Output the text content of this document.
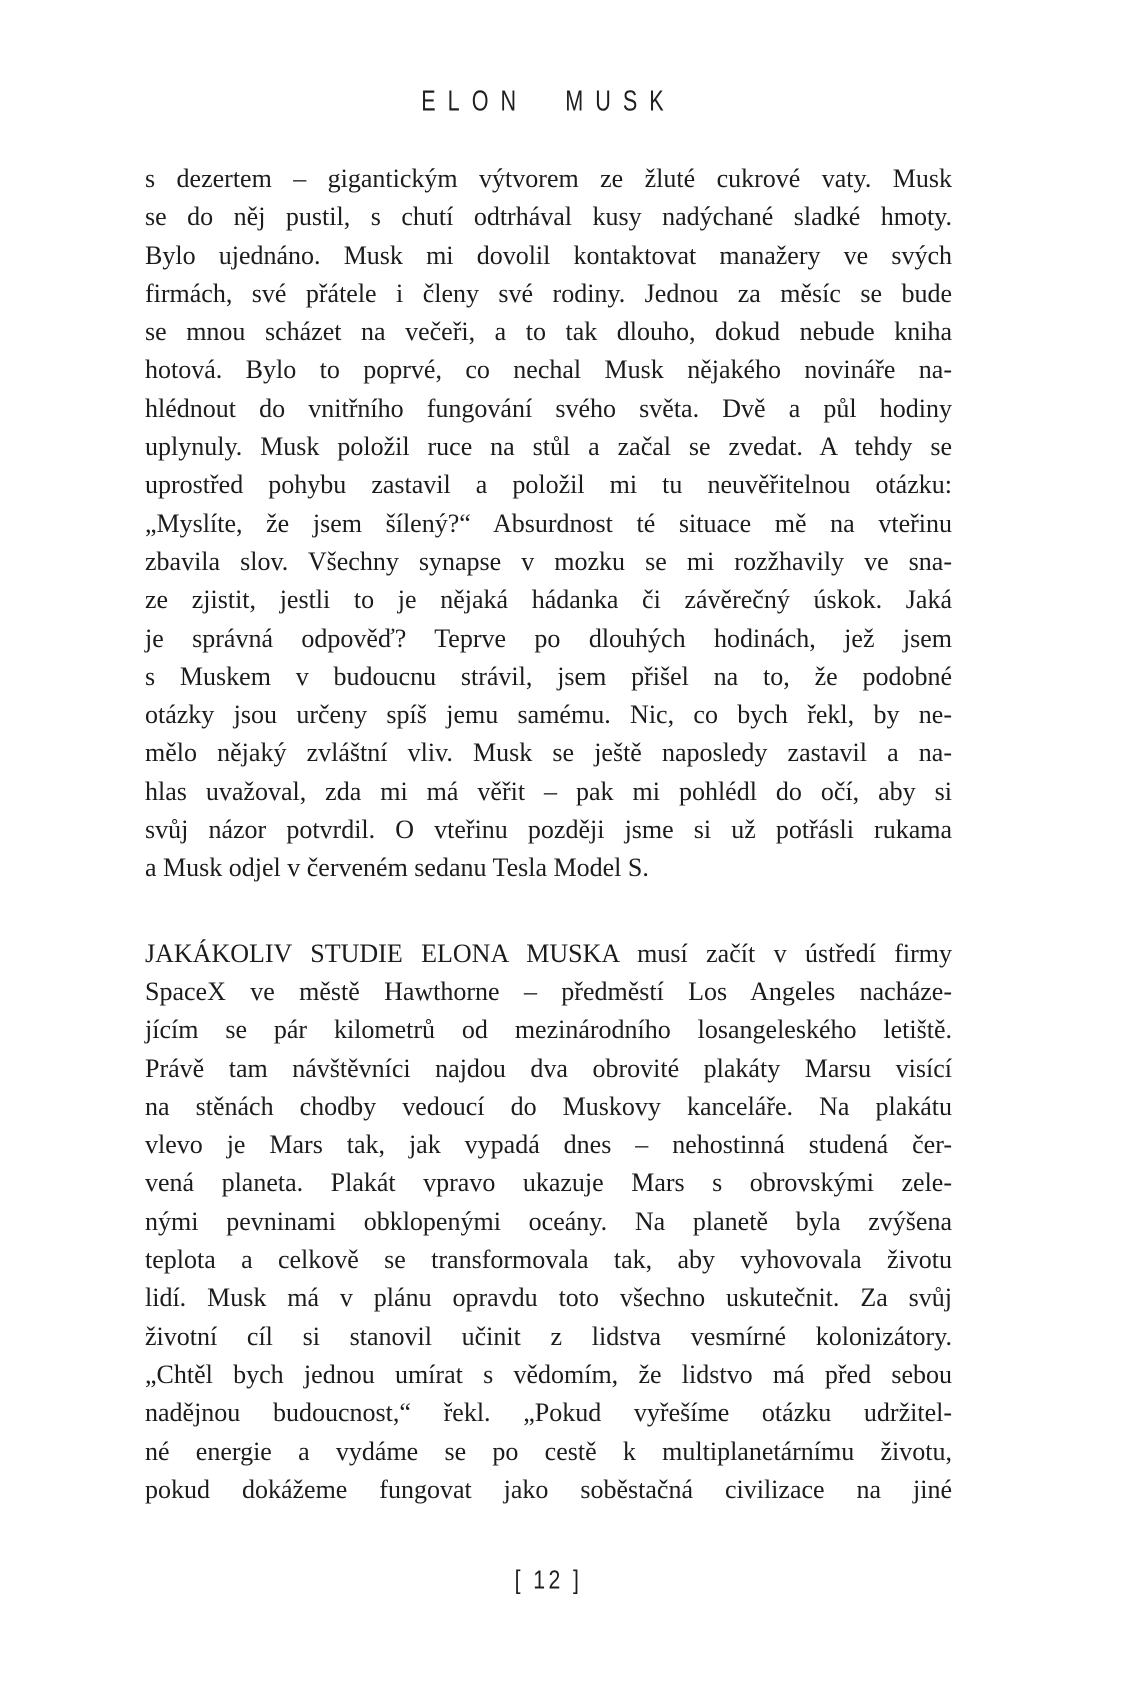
ELON MUSK
s dezertem – gigantickým výtvorem ze žluté cukrové vaty. Musk
se do něj pustil, s chutí odtrhával kusy nadýchané sladké hmoty.
Bylo ujednáno. Musk mi dovolil kontaktovat manažery ve svých
firmách, své přátele i členy své rodiny. Jednou za měsíc se bude
se mnou scházet na večeři, a to tak dlouho, dokud nebude kniha
hotová. Bylo to poprvé, co nechal Musk nějakého novináře na-
hlédnout do vnitřního fungování svého světa. Dvě a půl hodiny
uplynuly. Musk položil ruce na stůl a začal se zvedat. A tehdy se
uprostřed pohybu zastavil a položil mi tu neuvěřitelnou otázku:
„Myslíte, že jsem šílený?“ Absurdnost té situace mě na vteřinu
zbavila slov. Všechny synapse v mozku se mi rozžhavily ve sna-
ze zjistit, jestli to je nějaká hádanka či závěrečný úskok. Jaká
je správná odpověď? Teprve po dlouhých hodinách, jež jsem
s Muskem v budoucnu strávil, jsem přišel na to, že podobné
otázky jsou určeny spíš jemu samému. Nic, co bych řekl, by ne-
mělo nějaký zvláštní vliv. Musk se ještě naposledy zastavil a na-
hlas uvažoval, zda mi má věřit – pak mi pohlédl do očí, aby si
svůj názor potvrdil. O vteřinu později jsme si už potřásli rukama
a Musk odjel v červeném sedanu Tesla Model S.
JAKÁKOLIV STUDIE ELONA MUSKA musí začít v ústředí firmy
SpaceX ve městě Hawthorne – předměstí Los Angeles nacháze-
jícím se pár kilometrů od mezinárodního losangeleského letiště.
Právě tam návštěvníci najdou dva obrovité plakáty Marsu visící
na stěnách chodby vedoucí do Muskovy kanceláře. Na plakátu
vlevo je Mars tak, jak vypadá dnes – nehostinná studená čer-
vená planeta. Plakát vpravo ukazuje Mars s obrovskými zele-
nými pevninami obklopenými oceány. Na planetě byla zvýšena
teplota a celkově se transformovala tak, aby vyhovovala životu
lidí. Musk má v plánu opravdu toto všechno uskutečnit. Za svůj
životní cíl si stanovil učinit z lidstva vesmírné kolonizátory.
„Chtěl bych jednou umírat s vědomím, že lidstvo má před sebou
nadějnou budoucnost,“ řekl. „Pokud vyřešíme otázku udržitel-
né energie a vydáme se po cestě k multiplanetárnímu životu,
pokud dokážeme fungovat jako soběstačná civilizace na jiné
[ 12 ]
